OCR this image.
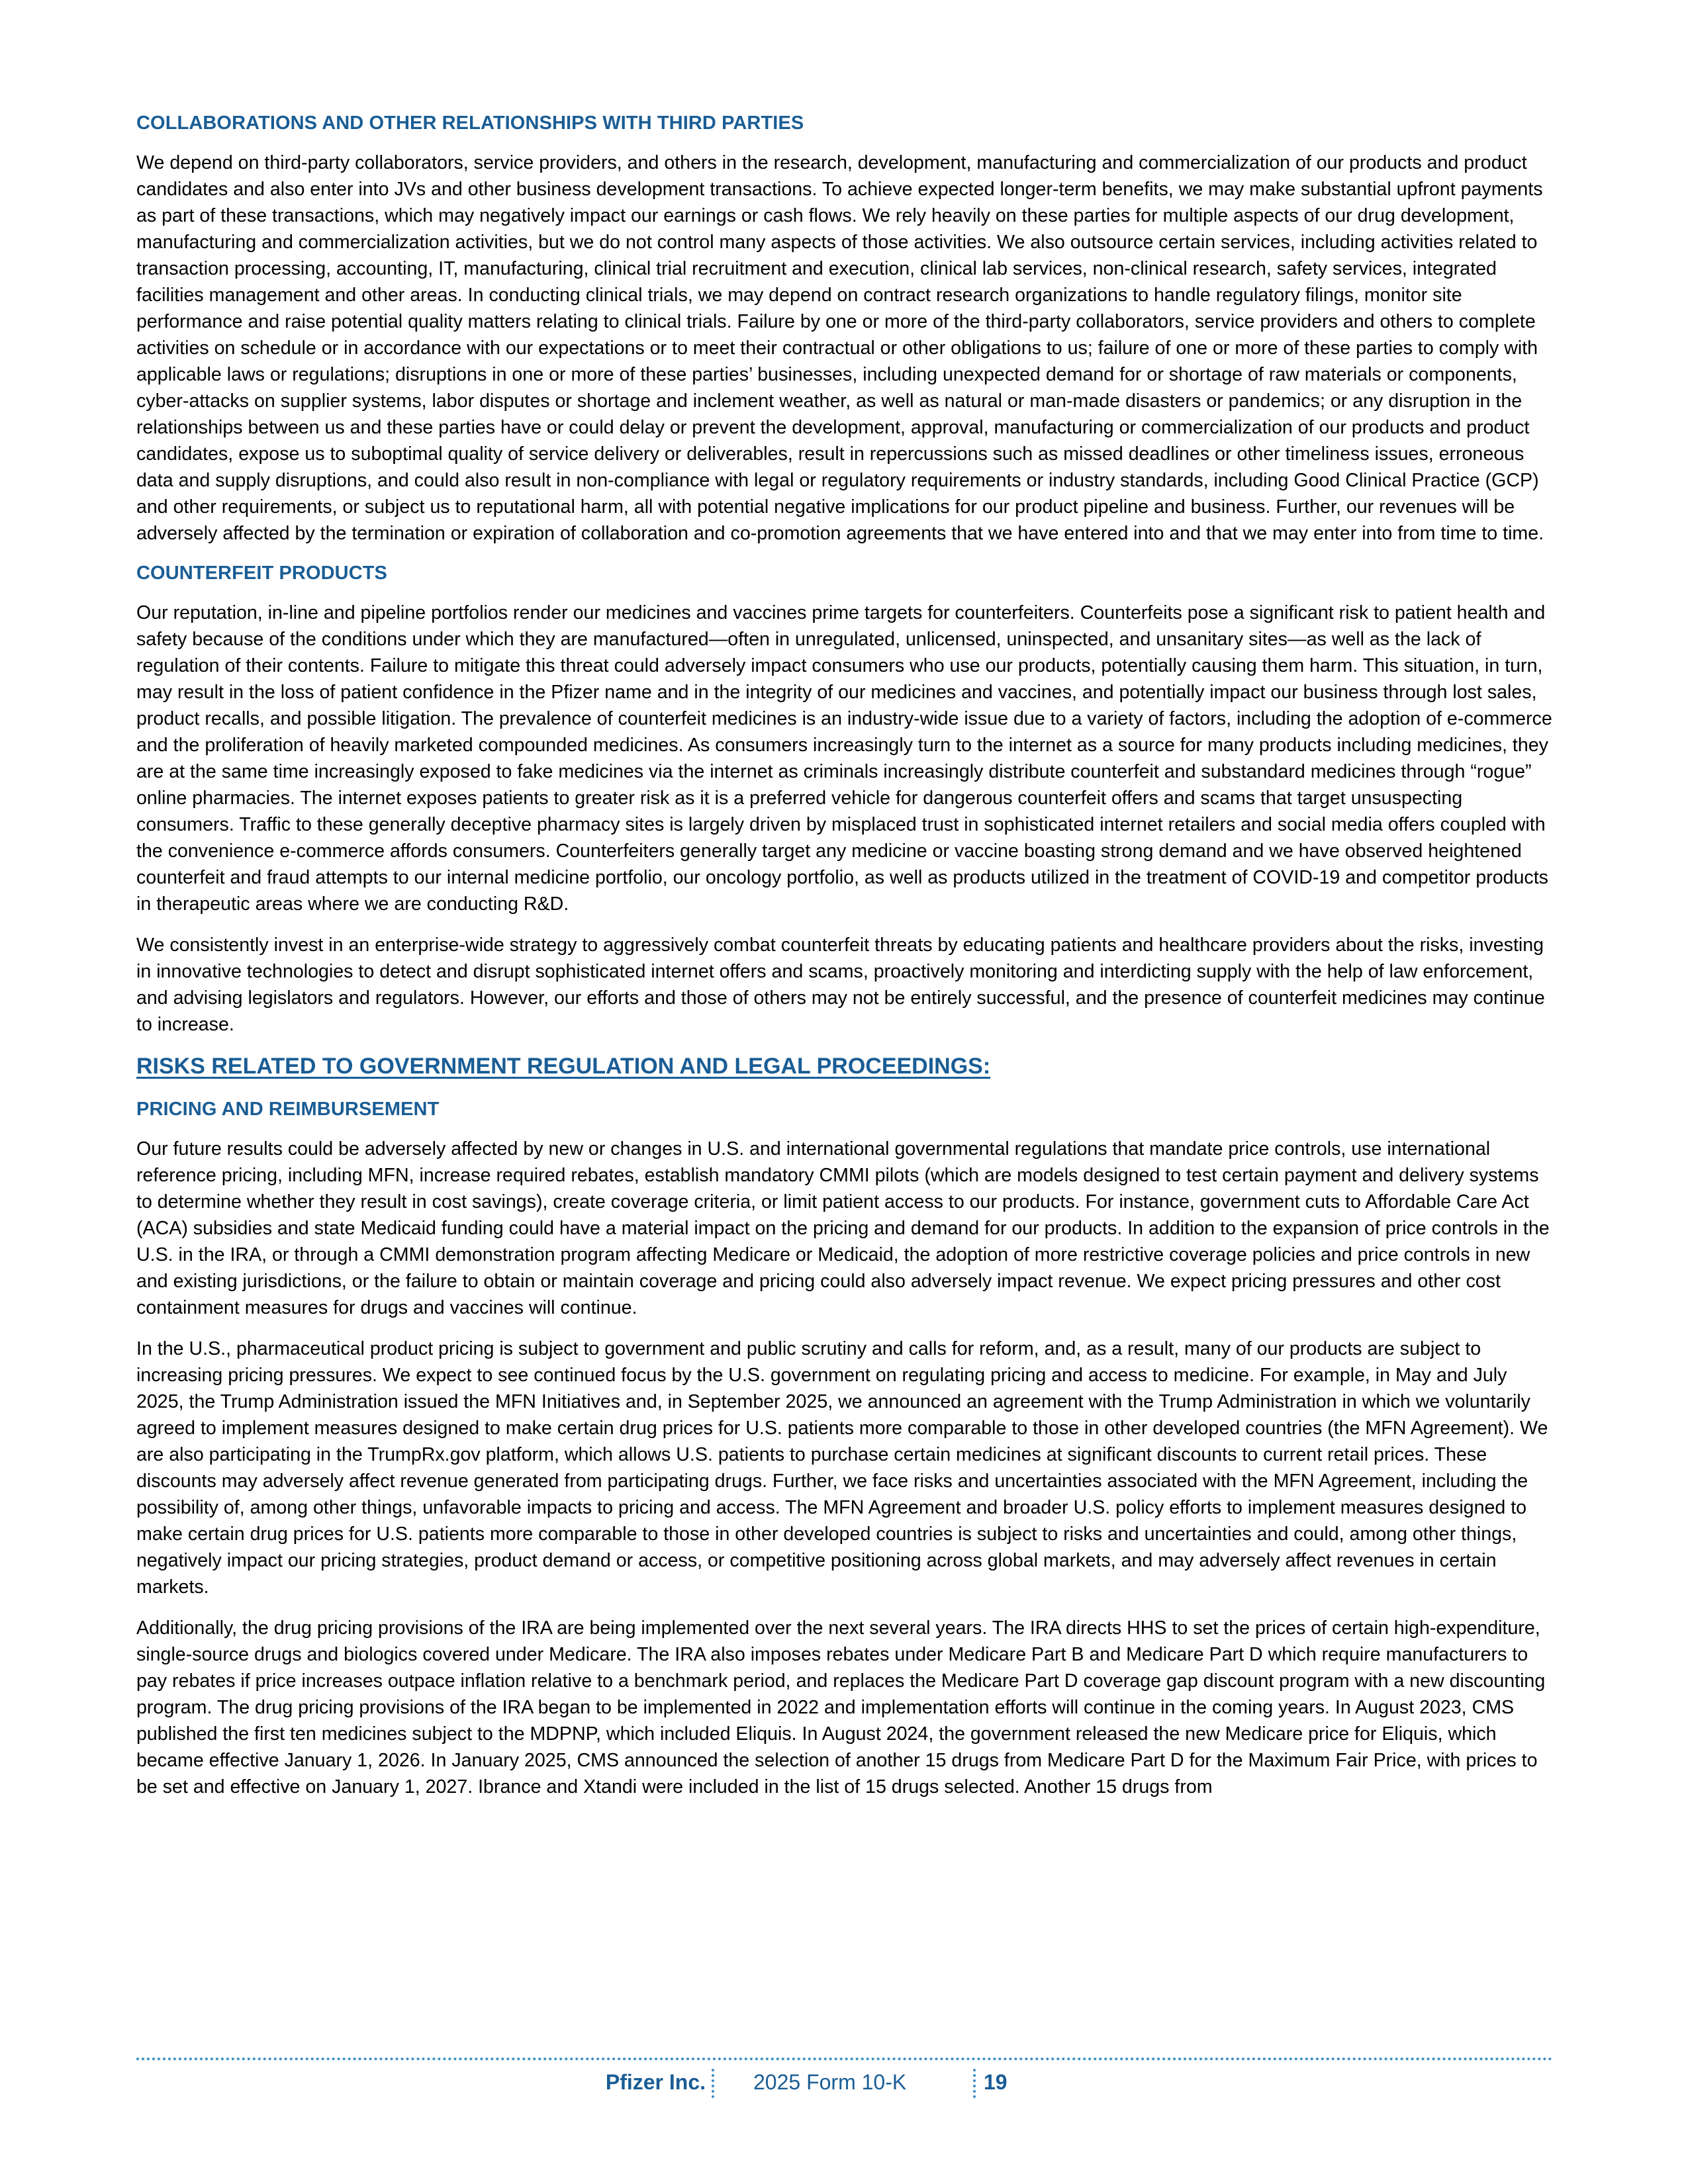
COLLABORATIONS AND OTHER RELATIONSHIPS WITH THIRD PARTIES

We depend on third-party collaborators, service providers, and others in the research, development, manufacturing and commercialization of our products and product candidates and also enter into JVs and other business development transactions. To achieve expected longer-term benefits, we may make substantial upfront payments as part of these transactions, which may negatively impact our earnings or cash flows. We rely heavily on these parties for multiple aspects of our drug development, manufacturing and commercialization activities, but we do not control many aspects of those activities. We also outsource certain services, including activities related to transaction processing, accounting, IT, manufacturing, clinical trial recruitment and execution, clinical lab services, non-clinical research, safety services, integrated facilities management and other areas. In conducting clinical trials, we may depend on contract research organizations to handle regulatory filings, monitor site performance and raise potential quality matters relating to clinical trials. Failure by one or more of the third-party collaborators, service providers and others to complete activities on schedule or in accordance with our expectations or to meet their contractual or other obligations to us; failure of one or more of these parties to comply with applicable laws or regulations; disruptions in one or more of these parties’ businesses, including unexpected demand for or shortage of raw materials or components, cyber-attacks on supplier systems, labor disputes or shortage and inclement weather, as well as natural or man-made disasters or pandemics; or any disruption in the relationships between us and these parties have or could delay or prevent the development, approval, manufacturing or commercialization of our products and product candidates, expose us to suboptimal quality of service delivery or deliverables, result in repercussions such as missed deadlines or other timeliness issues, erroneous data and supply disruptions, and could also result in non-compliance with legal or regulatory requirements or industry standards, including Good Clinical Practice (GCP) and other requirements, or subject us to reputational harm, all with potential negative implications for our product pipeline and business. Further, our revenues will be adversely affected by the termination or expiration of collaboration and co-promotion agreements that we have entered into and that we may enter into from time to time.

COUNTERFEIT PRODUCTS

Our reputation, in-line and pipeline portfolios render our medicines and vaccines prime targets for counterfeiters. Counterfeits pose a significant risk to patient health and safety because of the conditions under which they are manufactured—often in unregulated, unlicensed, uninspected, and unsanitary sites—as well as the lack of regulation of their contents. Failure to mitigate this threat could adversely impact consumers who use our products, potentially causing them harm. This situation, in turn, may result in the loss of patient confidence in the Pfizer name and in the integrity of our medicines and vaccines, and potentially impact our business through lost sales, product recalls, and possible litigation. The prevalence of counterfeit medicines is an industry-wide issue due to a variety of factors, including the adoption of e-commerce and the proliferation of heavily marketed compounded medicines. As consumers increasingly turn to the internet as a source for many products including medicines, they are at the same time increasingly exposed to fake medicines via the internet as criminals increasingly distribute counterfeit and substandard medicines through “rogue” online pharmacies. The internet exposes patients to greater risk as it is a preferred vehicle for dangerous counterfeit offers and scams that target unsuspecting consumers. Traffic to these generally deceptive pharmacy sites is largely driven by misplaced trust in sophisticated internet retailers and social media offers coupled with the convenience e-commerce affords consumers. Counterfeiters generally target any medicine or vaccine boasting strong demand and we have observed heightened counterfeit and fraud attempts to our internal medicine portfolio, our oncology portfolio, as well as products utilized in the treatment of COVID-19 and competitor products in therapeutic areas where we are conducting R&D.

We consistently invest in an enterprise-wide strategy to aggressively combat counterfeit threats by educating patients and healthcare providers about the risks, investing in innovative technologies to detect and disrupt sophisticated internet offers and scams, proactively monitoring and interdicting supply with the help of law enforcement, and advising legislators and regulators. However, our efforts and those of others may not be entirely successful, and the presence of counterfeit medicines may continue to increase.

RISKS RELATED TO GOVERNMENT REGULATION AND LEGAL PROCEEDINGS:
PRICING AND REIMBURSEMENT

Our future results could be adversely affected by new or changes in U.S. and international governmental regulations that mandate price controls, use international reference pricing, including MFN, increase required rebates, establish mandatory CMMI pilots (which are models designed to test certain payment and delivery systems to determine whether they result in cost savings), create coverage criteria, or limit patient access to our products. For instance, government cuts to Affordable Care Act (ACA) subsidies and state Medicaid funding could have a material impact on the pricing and demand for our products. In addition to the expansion of price controls in the U.S. in the IRA, or through a CMMI demonstration program affecting Medicare or Medicaid, the adoption of more restrictive coverage policies and price controls in new and existing jurisdictions, or the failure to obtain or maintain coverage and pricing could also adversely impact revenue. We expect pricing pressures and other cost containment measures for drugs and vaccines will continue.

In the U.S., pharmaceutical product pricing is subject to government and public scrutiny and calls for reform, and, as a result, many of our products are subject to increasing pricing pressures. We expect to see continued focus by the U.S. government on regulating pricing and access to medicine. For example, in May and July 2025, the Trump Administration issued the MFN Initiatives and, in September 2025, we announced an agreement with the Trump Administration in which we voluntarily agreed to implement measures designed to make certain drug prices for U.S. patients more comparable to those in other developed countries (the MFN Agreement). We are also participating in the TrumpRx.gov platform, which allows U.S. patients to purchase certain medicines at significant discounts to current retail prices. These discounts may adversely affect revenue generated from participating drugs. Further, we face risks and uncertainties associated with the MFN Agreement, including the possibility of, among other things, unfavorable impacts to pricing and access. The MFN Agreement and broader U.S. policy efforts to implement measures designed to make certain drug prices for U.S. patients more comparable to those in other developed countries is subject to risks and uncertainties and could, among other things, negatively impact our pricing strategies, product demand or access, or competitive positioning across global markets, and may adversely affect revenues in certain markets.

Additionally, the drug pricing provisions of the IRA are being implemented over the next several years. The IRA directs HHS to set the prices of certain high-expenditure, single-source drugs and biologics covered under Medicare. The IRA also imposes rebates under Medicare Part B and Medicare Part D which require manufacturers to pay rebates if price increases outpace inflation relative to a benchmark period, and replaces the Medicare Part D coverage gap discount program with a new discounting program. The drug pricing provisions of the IRA began to be implemented in 2022 and implementation efforts will continue in the coming years. In August 2023, CMS published the first ten medicines subject to the MDPNP, which included Eliquis. In August 2024, the government released the new Medicare price for Eliquis, which became effective January 1, 2026. In January 2025, CMS announced the selection of another 15 drugs from Medicare Part D for the Maximum Fair Price, with prices to be set and effective on January 1, 2027. Ibrance and Xtandi were included in the list of 15 drugs selected. Another 15 drugs from

Pfizer Inc. 2025 Form 10-K	19
